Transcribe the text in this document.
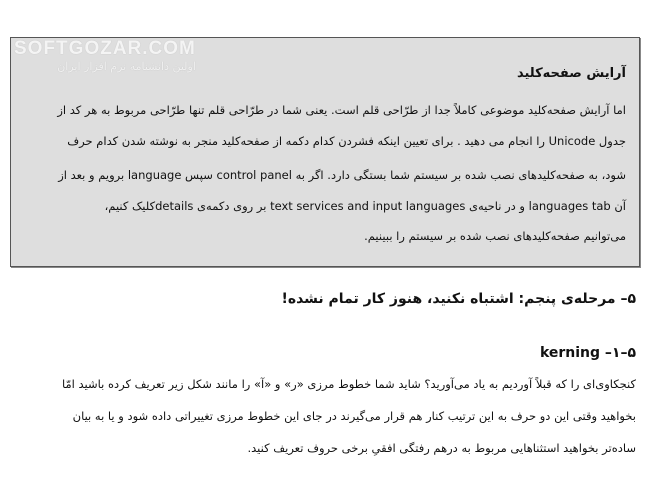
SOFTGOZAR.COM
اولین دانشنامه نرم افزار ایران	آرایش صفحه‌کلید
اما آرایش صفحه‌کلید موضوعی کاملاً جدا از طرّاحی قلم است. یعنی شما در طرّاحی قلم تنها طرّاحی مربوط به هر کد از
جدول Unicode را انجام می دهید . برای تعیین اینکه فشردن کدام دکمه از صفحه‌کلید منجر به نوشته شدن کدام حرف
شود، به صفحه‌کلیدهای نصب شده بر سیستم شما بستگی دارد. اگر به control panel سپس language برویم و بعد از
آن languages tab و در ناحیه‌ی text services and input languages بر روی دکمه‌ی detailsکلیک کنیم،
می‌توانیم صفحه‌کلیدهای نصب شده بر سیستم را ببینیم.
۵– مرحله‌ی پنجم: اشتباه نکنید، هنوز کار تمام نشده!
۵–۱– kerning
کنجکاوی‌ای را که قبلاً آوردیم به یاد می‌آورید؟ شاید شما خطوط مرزی «ر» و «آ» را مانند شکل زیر تعریف کرده باشید امّا
بخواهید وقتی این دو حرف به این ترتیب کنار هم قرار می‌گیرند در جای این خطوط مرزی تغییراتی داده شود و یا به بیان
ساده‌تر بخواهید استثناهایی مربوط به درهم رفتگی افقیِ برخی حروف تعریف کنید.
